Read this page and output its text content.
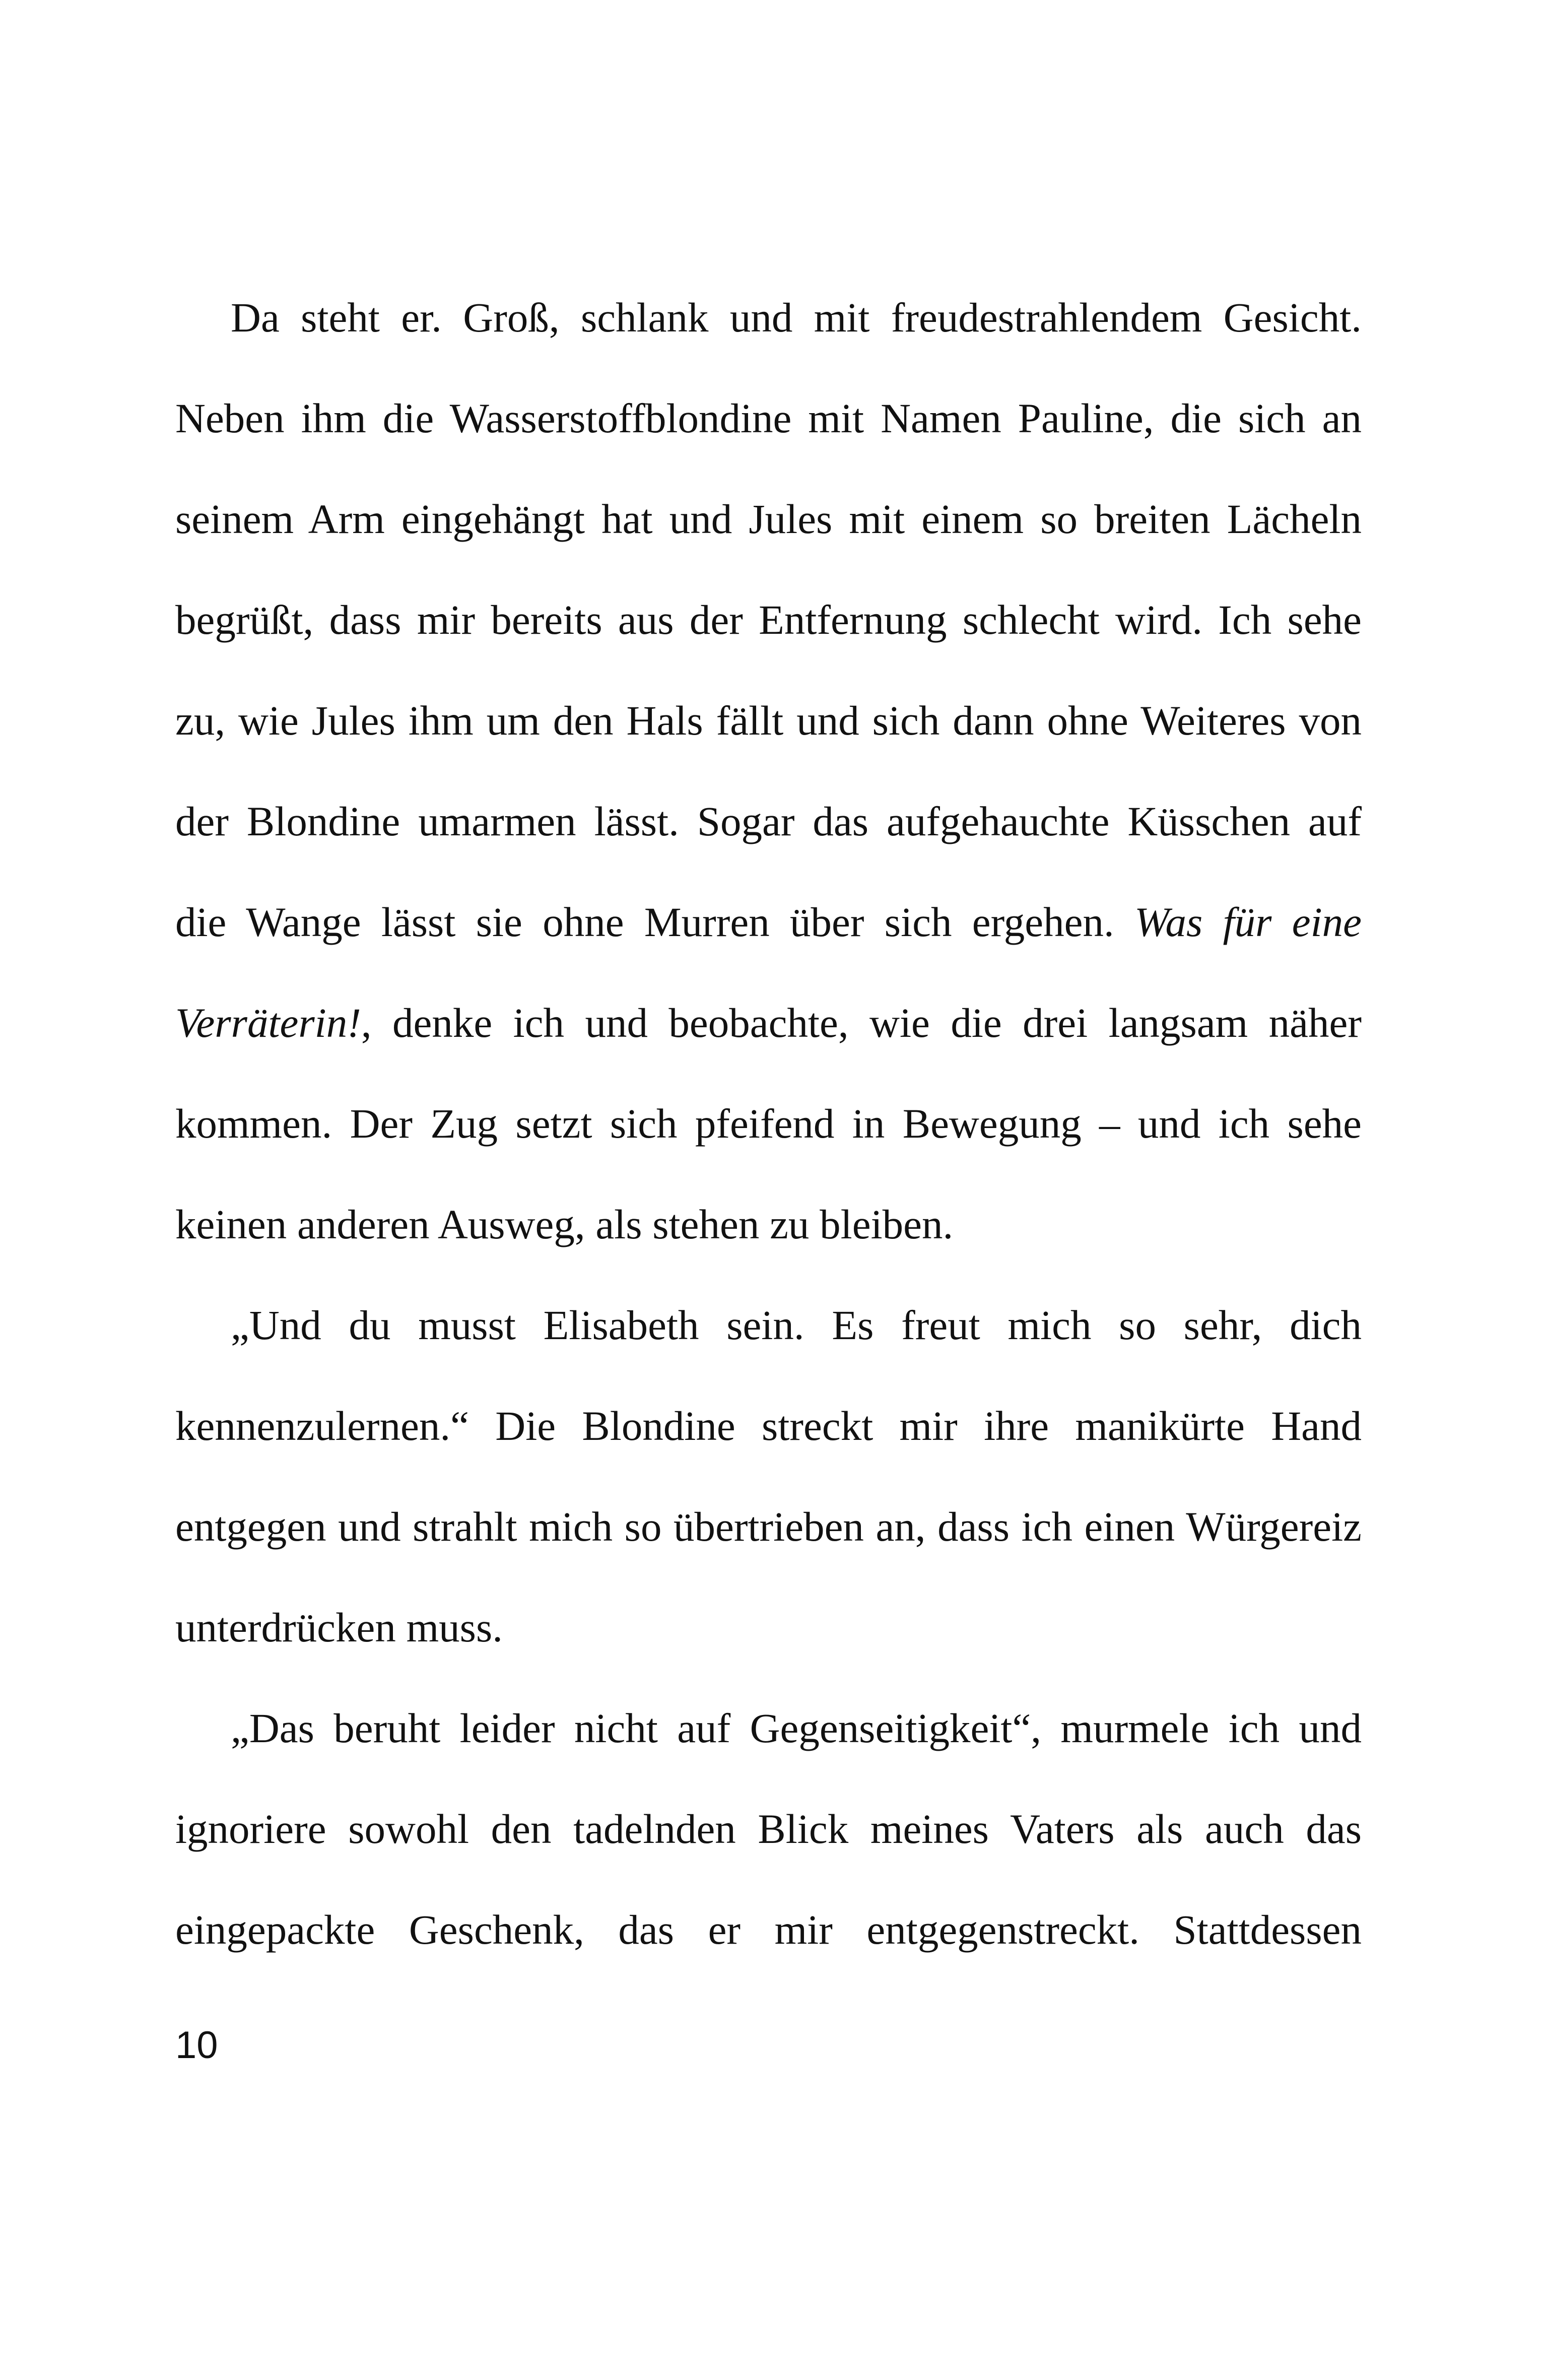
Da steht er. Groß, schlank und mit freudestrahlendem Gesicht. Neben ihm die Wasserstoffblondine mit Namen Pauline, die sich an seinem Arm eingehängt hat und Jules mit einem so breiten Lächeln begrüßt, dass mir bereits aus der Entfernung schlecht wird. Ich sehe zu, wie Jules ihm um den Hals fällt und sich dann ohne Weiteres von der Blondine umarmen lässt. Sogar das aufgehauchte Küsschen auf die Wange lässt sie ohne Murren über sich ergehen. Was für eine Verräterin!, denke ich und beobachte, wie die drei langsam näher kommen. Der Zug setzt sich pfeifend in Bewegung – und ich sehe keinen anderen Ausweg, als stehen zu bleiben.

„Und du musst Elisabeth sein. Es freut mich so sehr, dich kennenzulernen.“ Die Blondine streckt mir ihre manikürte Hand entgegen und strahlt mich so übertrieben an, dass ich einen Würgereiz unterdrücken muss.

„Das beruht leider nicht auf Gegenseitigkeit“, murmele ich und ignoriere sowohl den tadelnden Blick meines Vaters als auch das eingepackte Geschenk, das er mir entgegenstreckt. Stattdessen

10
